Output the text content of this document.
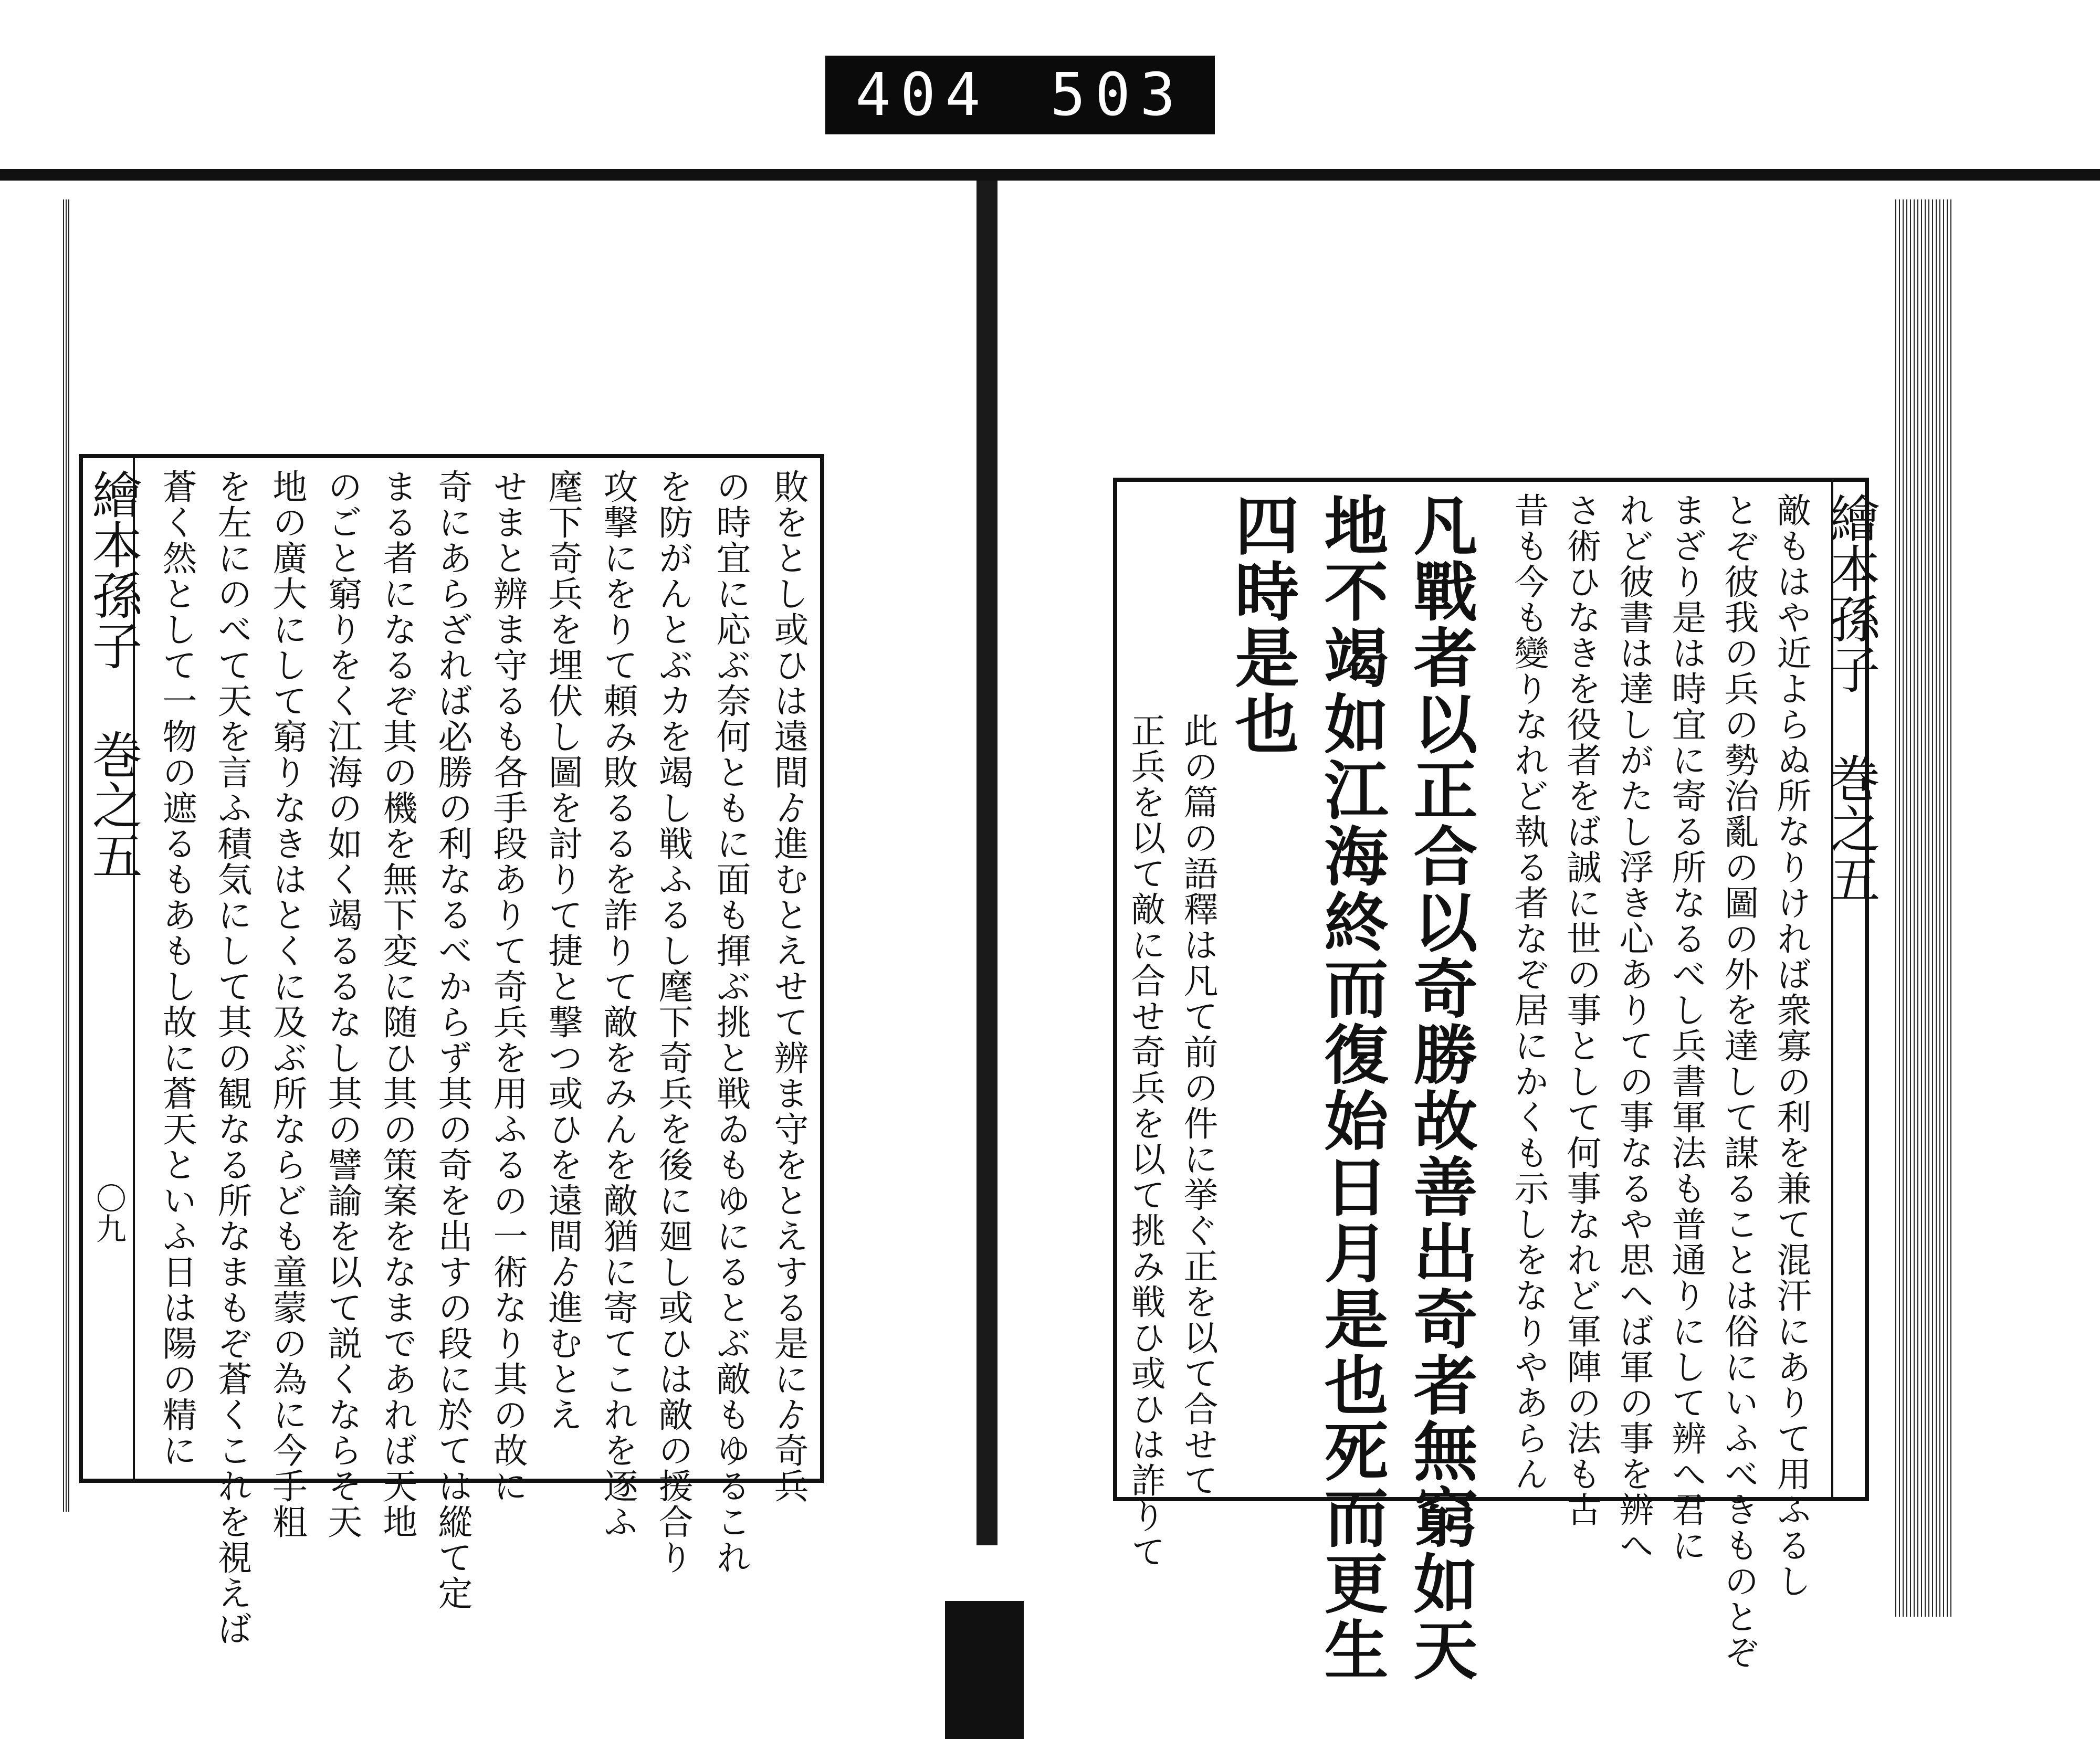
404 503
繪本孫子 巻之五
〇九	敗をとし或ひは遠間ゟ進むとえせて辨ま守をとえする是にゟ奇兵
の時宜に応ぶ奈何ともに面も揮ぶ挑と戦ゐもゆにるとぶ敵もゆるこれ
を防がんとぶカを竭し戦ふるし麾下奇兵を後に廻し或ひは敵の援合り
攻撃にをりて頼み敗るるを詐りて敵をみんを敵猶に寄てこれを逐ふ
麾下奇兵を埋伏し圖を討りて捷と撃つ或ひを遠間ゟ進むとえ
せまと辨ま守るも各手段ありて奇兵を用ふるの一術なり其の故に
奇にあらざれば必勝の利なるべからず其の奇を出すの段に於ては縱て定
まる者になるぞ其の機を無下変に随ひ其の策案をなまであれば天地
のごと窮りをく江海の如く竭るるなし其の譬諭を以て説くならそ天
地の廣大にして窮りなきはとくに及ぶ所ならども童蒙の為に今手粗
を左にのべて天を言ふ積気にして其の観なる所なまもぞ蒼くこれを視えば
蒼く然として一物の遮るもあもし故に蒼天といふ日は陽の精に	繪本孫子 巻之五
敵もはや近よらぬ所なりければ衆寡の利を兼て混汗にありて用ふるし
とぞ彼我の兵の勢治亂の圖の外を達して謀ることは俗にいふべきものとぞ
まざり是は時宜に寄る所なるべし兵書軍法も普通りにして辨へ君に
れど彼書は達しがたし浮き心ありての事なるや思へば軍の事を辨へ
さ術ひなきを役者をば誠に世の事として何事なれど軍陣の法も古
昔も今も變りなれど執る者なぞ居にかくも示しをなりやあらん
凡戰者以正合以奇勝故善出奇者無窮如天
地不竭如江海終而復始日月是也死而更生
四時是也
此の篇の語釋は凡て前の件に挙ぐ正を以て合せて
正兵を以て敵に合せ奇兵を以て挑み戦ひ或ひは詐りて
